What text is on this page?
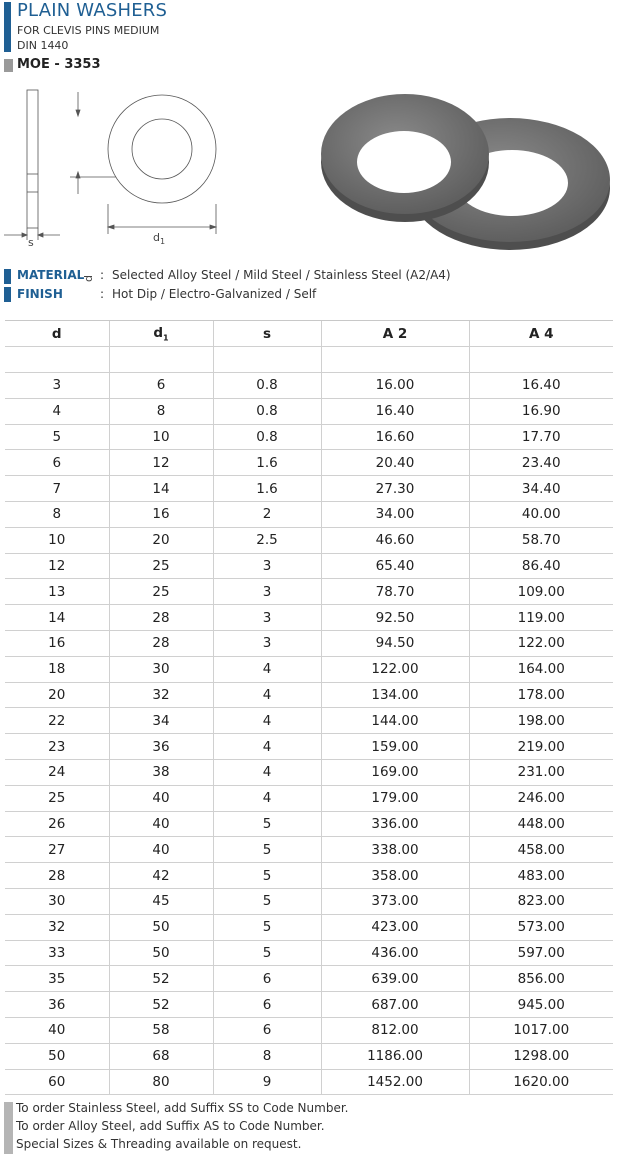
PLAIN WASHERS
FOR CLEVIS PINS MEDIUM
DIN 1440
MOE - 3353
d
s	$d_1$
MATERIAL : Selected Alloy Steel / Mild Steel / Stainless Steel (A2/A4)
FINISH	: Hot Dip / Electro-Galvanized / Self
d	$d_1$	s	A 2	A 4

3	6	0.8	16.00	16.40
4	8	0.8	16.40	16.90
5	10	0.8	16.60	17.70
6	12	1.6	20.40	23.40
7	14	1.6	27.30	34.40
8	16	2	34.00	40.00
10	20	2.5	46.60	58.70
12	25	3	65.40	86.40
13	25	3	78.70	109.00
14	28	3	92.50	119.00
16	28	3	94.50	122.00
18	30	4	122.00	164.00
20	32	4	134.00	178.00
22	34	4	144.00	198.00
23	36	4	159.00	219.00
24	38	4	169.00	231.00
25	40	4	179.00	246.00
26	40	5	336.00	448.00
27	40	5	338.00	458.00
28	42	5	358.00	483.00
30	45	5	373.00	823.00
32	50	5	423.00	573.00
33	50	5	436.00	597.00
35	52	6	639.00	856.00
36	52	6	687.00	945.00
40	58	6	812.00	1017.00
50	68	8	1186.00	1298.00
60	80	9	1452.00	1620.00
To order Stainless Steel, add Suffix SS to Code Number.
To order Alloy Steel, add Suffix AS to Code Number.
Special Sizes & Threading available on request.
